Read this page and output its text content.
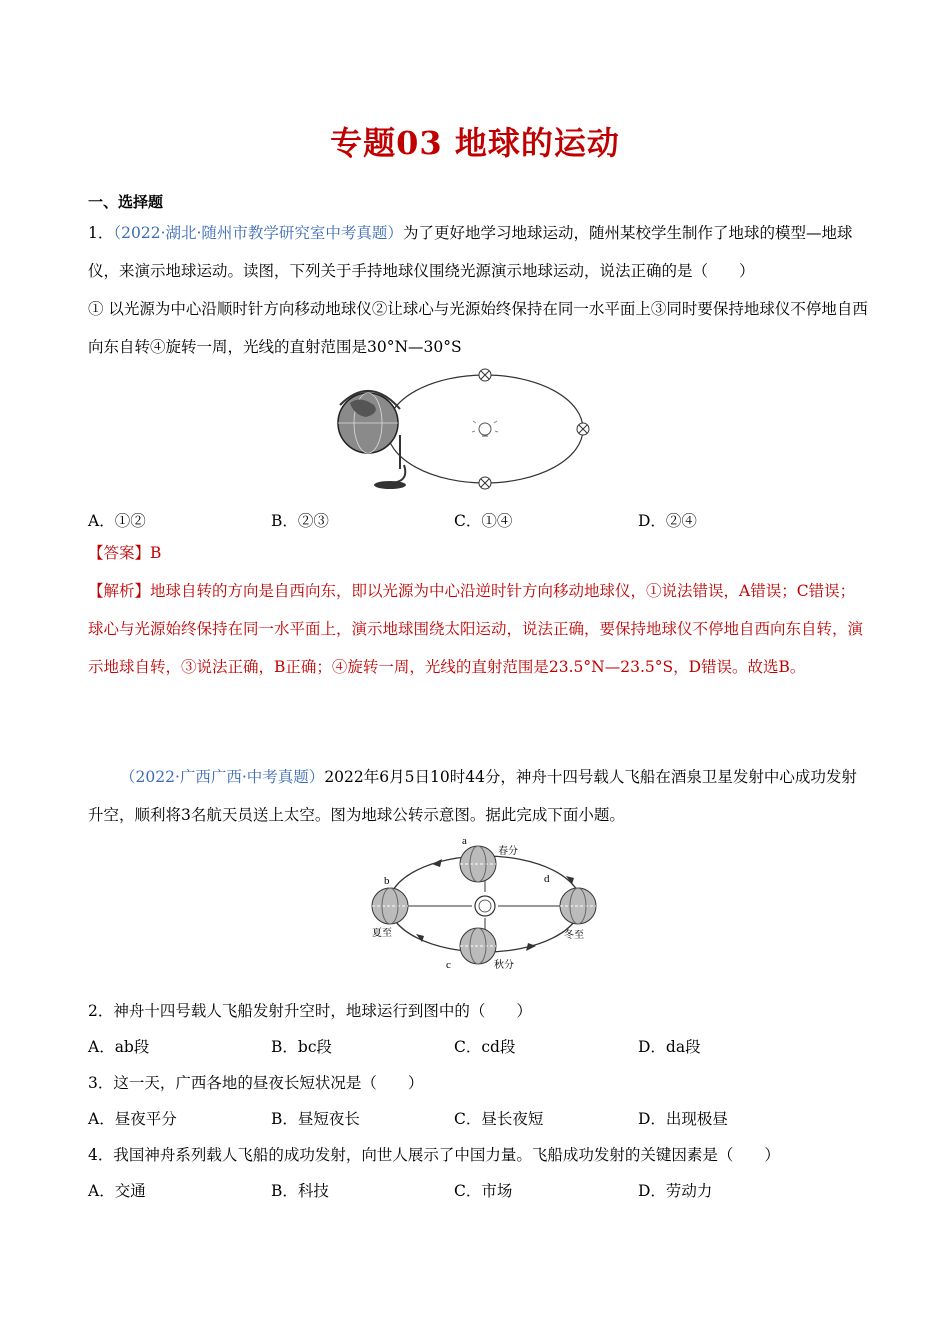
专题03 地球的运动
一、选择题
1．（2022·湖北·随州市教学研究室中考真题）为了更好地学习地球运动，随州某校学生制作了地球的模型—地球仪，来演示地球运动。读图，下列关于手持地球仪围绕光源演示地球运动，说法正确的是（　　）
① 以光源为中心沿顺时针方向移动地球仪②让球心与光源始终保持在同一水平面上③同时要保持地球仪不停地自西向东自转④旋转一周，光线的直射范围是30°N—30°S
A．①②	B．②③	C．①④	D．②④
【答案】B
【解析】地球自转的方向是自西向东，即以光源为中心沿逆时针方向移动地球仪，①说法错误，A错误；C错误；球心与光源始终保持在同一水平面上，演示地球围绕太阳运动，说法正确，要保持地球仪不停地自西向东自转，演示地球自转，③说法正确，B正确；④旋转一周，光线的直射范围是23.5°N—23.5°S，D错误。故选B。
（2022·广西广西·中考真题）2022年6月5日10时44分，神舟十四号载人飞船在酒泉卫星发射中心成功发射升空，顺利将3名航天员送上太空。图为地球公转示意图。据此完成下面小题。
a
b
c
d
春分
夏至
秋分
冬至
2．神舟十四号载人飞船发射升空时，地球运行到图中的（　　）
A．ab段	B．bc段	C．cd段	D．da段
3．这一天，广西各地的昼夜长短状况是（　　）
A．昼夜平分	B．昼短夜长	C．昼长夜短	D．出现极昼
4．我国神舟系列载人飞船的成功发射，向世人展示了中国力量。飞船成功发射的关键因素是（　　）
A．交通	B．科技	C．市场	D．劳动力
